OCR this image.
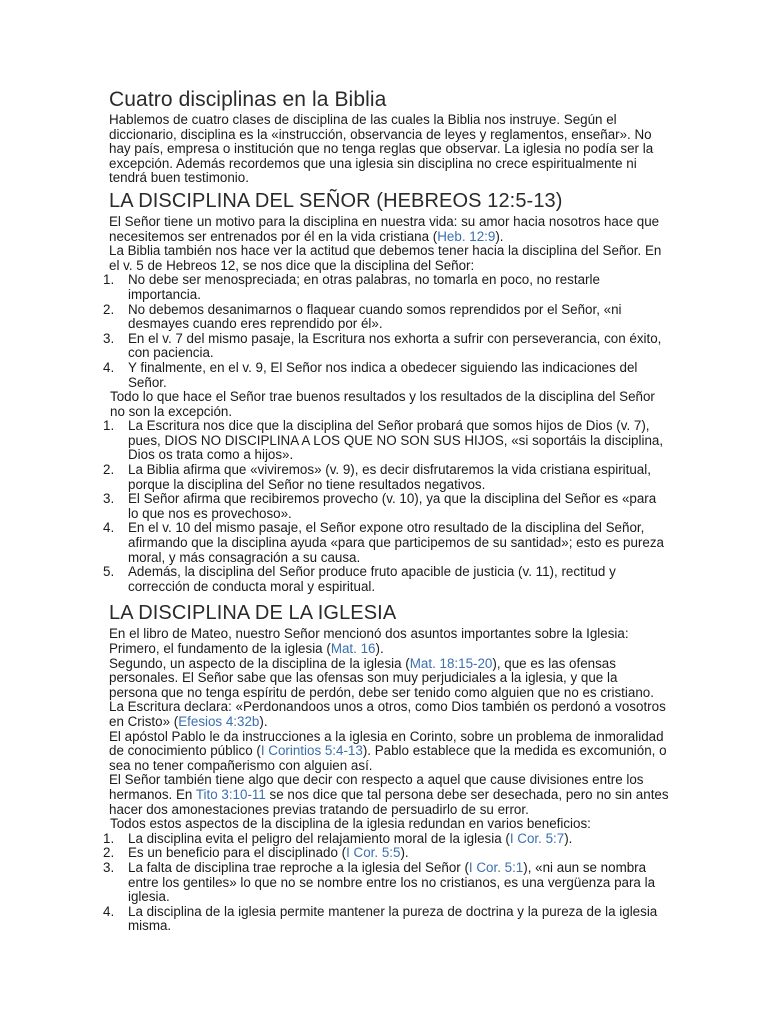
Cuatro disciplinas en la Biblia

Hablemos de cuatro clases de disciplina de las cuales la Biblia nos instruye. Según el diccionario, disciplina es la «instrucción, observancia de leyes y reglamentos, enseñar». No hay país, empresa o institución que no tenga reglas que observar. La iglesia no podía ser la excepción. Además recordemos que una iglesia sin disciplina no crece espiritualmente ni tendrá buen testimonio.

LA DISCIPLINA DEL SEÑOR (HEBREOS 12:5-13)

El Señor tiene un motivo para la disciplina en nuestra vida: su amor hacia nosotros hace que necesitemos ser entrenados por él en la vida cristiana (Heb. 12:9).

La Biblia también nos hace ver la actitud que debemos tener hacia la disciplina del Señor. En el v. 5 de Hebreos 12, se nos dice que la disciplina del Señor:

1. No debe ser menospreciada; en otras palabras, no tomarla en poco, no restarle importancia.
2. No debemos desanimarnos o flaquear cuando somos reprendidos por el Señor, «ni desmayes cuando eres reprendido por él».
3. En el v. 7 del mismo pasaje, la Escritura nos exhorta a sufrir con perseverancia, con éxito, con paciencia.
4. Y finalmente, en el v. 9, El Señor nos indica a obedecer siguiendo las indicaciones del Señor.

Todo lo que hace el Señor trae buenos resultados y los resultados de la disciplina del Señor no son la excepción.

1. La Escritura nos dice que la disciplina del Señor probará que somos hijos de Dios (v. 7), pues, DIOS NO DISCIPLINA A LOS QUE NO SON SUS HIJOS, «si soportáis la disciplina, Dios os trata como a hijos».
2. La Biblia afirma que «viviremos» (v. 9), es decir disfrutaremos la vida cristiana espiritual, porque la disciplina del Señor no tiene resultados negativos.
3. El Señor afirma que recibiremos provecho (v. 10), ya que la disciplina del Señor es «para lo que nos es provechoso».
4. En el v. 10 del mismo pasaje, el Señor expone otro resultado de la disciplina del Señor, afirmando que la disciplina ayuda «para que participemos de su santidad»; esto es pureza moral, y más consagración a su causa.
5. Además, la disciplina del Señor produce fruto apacible de justicia (v. 11), rectitud y corrección de conducta moral y espiritual.
LA DISCIPLINA DE LA IGLESIA

En el libro de Mateo, nuestro Señor mencionó dos asuntos importantes sobre la Iglesia: Primero, el fundamento de la iglesia (Mat. 16).

Segundo, un aspecto de la disciplina de la iglesia (Mat. 18:15-20), que es las ofensas personales. El Señor sabe que las ofensas son muy perjudiciales a la iglesia, y que la persona que no tenga espíritu de perdón, debe ser tenido como alguien que no es cristiano. La Escritura declara: «Perdonandoos unos a otros, como Dios también os perdonó a vosotros en Cristo» (Efesios 4:32b).

El apóstol Pablo le da instrucciones a la iglesia en Corinto, sobre un problema de inmoralidad de conocimiento público (I Corintios 5:4-13). Pablo establece que la medida es excomunión, o sea no tener compañerismo con alguien así.

El Señor también tiene algo que decir con respecto a aquel que cause divisiones entre los hermanos. En Tito 3:10-11 se nos dice que tal persona debe ser desechada, pero no sin antes hacer dos amonestaciones previas tratando de persuadirlo de su error.

Todos estos aspectos de la disciplina de la iglesia redundan en varios beneficios:

1. La disciplina evita el peligro del relajamiento moral de la iglesia (I Cor. 5:7).
2. Es un beneficio para el disciplinado (I Cor. 5:5).
3. La falta de disciplina trae reproche a la iglesia del Señor (I Cor. 5:1), «ni aun se nombra entre los gentiles» lo que no se nombre entre los no cristianos, es una vergüenza para la iglesia.
4. La disciplina de la iglesia permite mantener la pureza de doctrina y la pureza de la iglesia misma.
